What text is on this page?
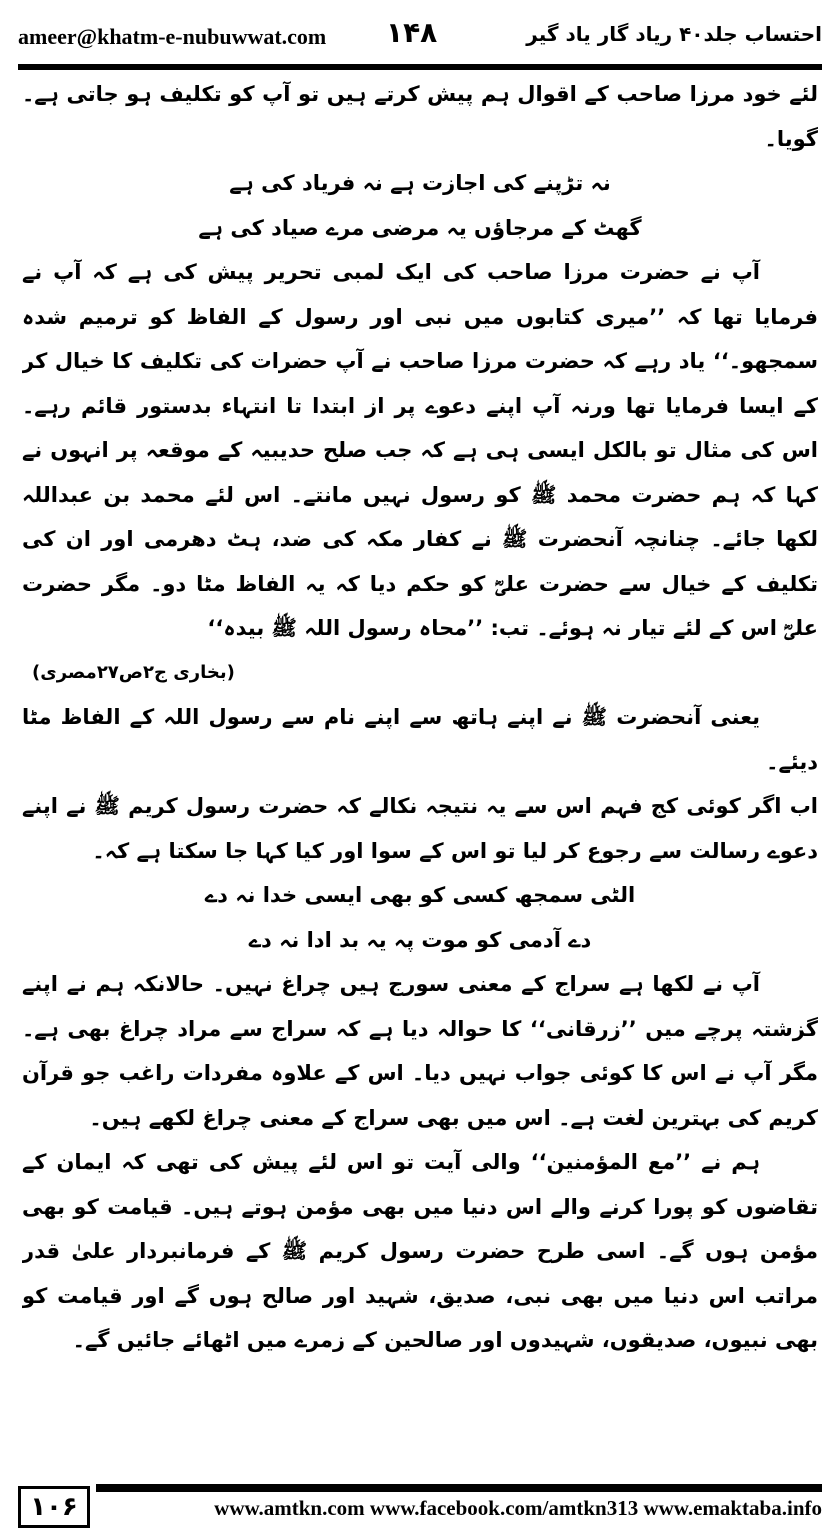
ameer@khatm-e-nubuwwat.com ۱۴۸	احتساب جلد۴۰ ریاد گار یاد گیر

لئے خود مرزا صاحب کے اقوال ہم پیش کرتے ہیں تو آپ کو تکلیف ہو جاتی ہے۔ گویا۔

نہ تڑپنے کی اجازت ہے نہ فریاد کی ہے

گھٹ کے مرجاؤں یہ مرضی مرے صیاد کی ہے

آپ نے حضرت مرزا صاحب کی ایک لمبی تحریر پیش کی ہے کہ آپ نے فرمایا تھا کہ ’’میری کتابوں میں نبی اور رسول کے الفاظ کو ترمیم شدہ سمجھو۔‘‘ یاد رہے کہ حضرت مرزا صاحب نے آپ حضرات کی تکلیف کا خیال کر کے ایسا فرمایا تھا ورنہ آپ اپنے دعوے پر از ابتدا تا انتہاء بدستور قائم رہے۔ اس کی مثال تو بالکل ایسی ہی ہے کہ جب صلح حدیبیہ کے موقعہ پر انہوں نے کہا کہ ہم حضرت محمد ﷺ کو رسول نہیں مانتے۔ اس لئے محمد بن عبداللہ لکھا جائے۔ چنانچہ آنحضرت ﷺ نے کفار مکہ کی ضد، ہٹ دھرمی اور ان کی تکلیف کے خیال سے حضرت علیؓ کو حکم دیا کہ یہ الفاظ مٹا دو۔ مگر حضرت علیؓ اس کے لئے تیار نہ ہوئے۔ تب: ’’محاہ رسول اللہ ﷺ بیدہ‘‘

(بخاری ج۲ص۲۷مصری)

یعنی آنحضرت ﷺ نے اپنے ہاتھ سے اپنے نام سے رسول اللہ کے الفاظ مٹا دیئے۔

اب اگر کوئی کج فہم اس سے یہ نتیجہ نکالے کہ حضرت رسول کریم ﷺ نے اپنے دعوے رسالت سے رجوع کر لیا تو اس کے سوا اور کیا کہا جا سکتا ہے کہ۔

الٹی سمجھ کسی کو بھی ایسی خدا نہ دے

دے آدمی کو موت پہ یہ بد ادا نہ دے

آپ نے لکھا ہے سراج کے معنی سورج ہیں چراغ نہیں۔ حالانکہ ہم نے اپنے گزشتہ پرچے میں ’’زرقانی‘‘ کا حوالہ دیا ہے کہ سراج سے مراد چراغ بھی ہے۔ مگر آپ نے اس کا کوئی جواب نہیں دیا۔ اس کے علاوہ مفردات راغب جو قرآن کریم کی بہترین لغت ہے۔ اس میں بھی سراج کے معنی چراغ لکھے ہیں۔

ہم نے ’’مع المؤمنین‘‘ والی آیت تو اس لئے پیش کی تھی کہ ایمان کے تقاضوں کو پورا کرنے والے اس دنیا میں بھی مؤمن ہوتے ہیں۔ قیامت کو بھی مؤمن ہوں گے۔ اسی طرح حضرت رسول کریم ﷺ کے فرمانبردار علیٰ قدر مراتب اس دنیا میں بھی نبی، صدیق، شہید اور صالح ہوں گے اور قیامت کو بھی نبیوں، صدیقوں، شہیدوں اور صالحین کے زمرے میں اٹھائے جائیں گے۔

۱۰۶	www.amtkn.com www.facebook.com/amtkn313 www.emaktaba.info
